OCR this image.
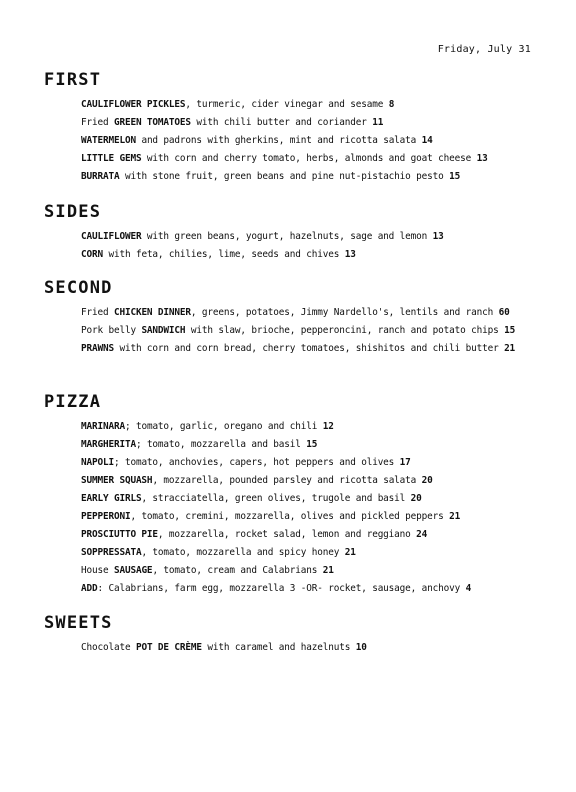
Friday, July 31
FIRST
CAULIFLOWER PICKLES, turmeric, cider vinegar and sesame 8
Fried GREEN TOMATOES with chili butter and coriander 11
WATERMELON and padrons with gherkins, mint and ricotta salata 14
LITTLE GEMS with corn and cherry tomato, herbs, almonds and goat cheese 13
BURRATA with stone fruit, green beans and pine nut-pistachio pesto 15
SIDES
CAULIFLOWER with green beans, yogurt, hazelnuts, sage and lemon 13
CORN with feta, chilies, lime, seeds and chives 13
SECOND
Fried CHICKEN DINNER, greens, potatoes, Jimmy Nardello's, lentils and ranch 60
Pork belly SANDWICH with slaw, brioche, pepperoncini, ranch and potato chips 15
PRAWNS with corn and corn bread, cherry tomatoes, shishitos and chili butter 21
PIZZA
MARINARA; tomato, garlic, oregano and chili 12
MARGHERITA; tomato, mozzarella and basil 15
NAPOLI; tomato, anchovies, capers, hot peppers and olives 17
SUMMER SQUASH, mozzarella, pounded parsley and ricotta salata 20
EARLY GIRLS, stracciatella, green olives, trugole and basil 20
PEPPERONI, tomato, cremini, mozzarella, olives and pickled peppers 21
PROSCIUTTO PIE, mozzarella, rocket salad, lemon and reggiano 24
SOPPRESSATA, tomato, mozzarella and spicy honey 21
House SAUSAGE, tomato, cream and Calabrians 21
ADD: Calabrians, farm egg, mozzarella 3 -OR- rocket, sausage, anchovy 4
SWEETS
Chocolate POT DE CRÈME with caramel and hazelnuts 10
